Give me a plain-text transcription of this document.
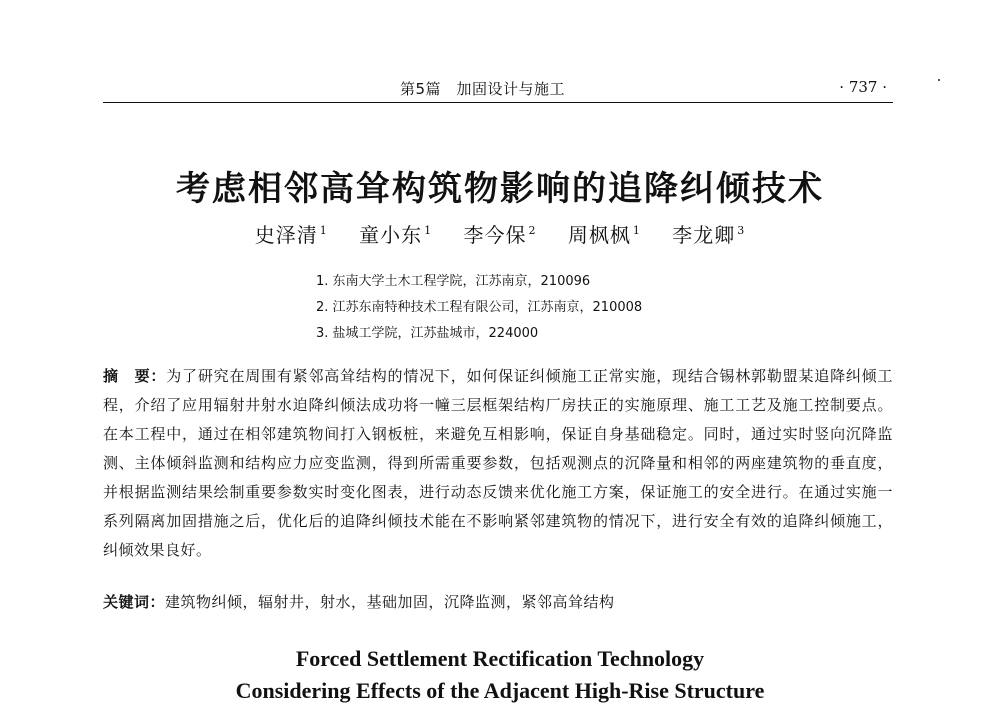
第5篇　加固设计与施工	· 737 ·
考虑相邻高耸构筑物影响的追降纠倾技术
史泽清 $^1$ 童小东 $^1$ 李今保 $^2$ 周枫枫 $^1$ 李龙卿 $^3$
1. 东南大学土木工程学院，江苏南京，210096
2. 江苏东南特种技术工程有限公司，江苏南京，210008
3. 盐城工学院，江苏盐城市，224000
摘　要：为了研究在周围有紧邻高耸结构的情况下，如何保证纠倾施工正常实施，现结合锡林郭勒盟某追降纠倾工程，介绍了应用辐射井射水迫降纠倾法成功将一幢三层框架结构厂房扶正的实施原理、施工工艺及施工控制要点。在本工程中，通过在相邻建筑物间打入钢板桩，来避免互相影响，保证自身基础稳定。同时，通过实时竖向沉降监测、主体倾斜监测和结构应力应变监测，得到所需重要参数，包括观测点的沉降量和相邻的两座建筑物的垂直度，并根据监测结果绘制重要参数实时变化图表，进行动态反馈来优化施工方案，保证施工的安全进行。在通过实施一系列隔离加固措施之后，优化后的追降纠倾技术能在不影响紧邻建筑物的情况下，进行安全有效的追降纠倾施工，纠倾效果良好。
关键词：建筑物纠倾，辐射井，射水，基础加固，沉降监测，紧邻高耸结构
Forced Settlement Rectification Technology
Considering Effects of the Adjacent High-Rise Structure
